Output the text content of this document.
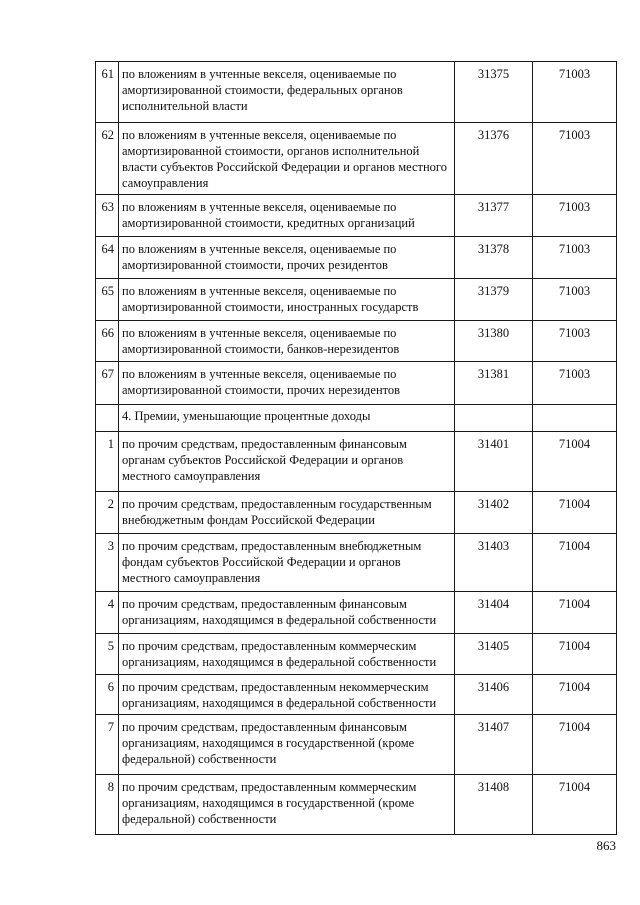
61	по вложениям в учтенные векселя, оцениваемые по амортизированной стоимости, федеральных органов исполнительной власти	31375	71003
62	по вложениям в учтенные векселя, оцениваемые по амортизированной стоимости, органов исполнительной власти субъектов Российской Федерации и органов местного самоуправления	31376	71003
63	по вложениям в учтенные векселя, оцениваемые по амортизированной стоимости, кредитных организаций	31377	71003
64	по вложениям в учтенные векселя, оцениваемые по амортизированной стоимости, прочих резидентов	31378	71003
65	по вложениям в учтенные векселя, оцениваемые по амортизированной стоимости, иностранных государств	31379	71003
66	по вложениям в учтенные векселя, оцениваемые по амортизированной стоимости, банков-нерезидентов	31380	71003
67	по вложениям в учтенные векселя, оцениваемые по амортизированной стоимости, прочих нерезидентов	31381	71003
	4. Премии, уменьшающие процентные доходы		
1	по прочим средствам, предоставленным финансовым органам субъектов Российской Федерации и органов местного самоуправления	31401	71004
2	по прочим средствам, предоставленным государственным внебюджетным фондам Российской Федерации	31402	71004
3	по прочим средствам, предоставленным внебюджетным фондам субъектов Российской Федерации и органов местного самоуправления	31403	71004
4	по прочим средствам, предоставленным финансовым организациям, находящимся в федеральной собственности	31404	71004
5	по прочим средствам, предоставленным коммерческим организациям, находящимся в федеральной собственности	31405	71004
6	по прочим средствам, предоставленным некоммерческим организациям, находящимся в федеральной собственности	31406	71004
7	по прочим средствам, предоставленным финансовым организациям, находящимся в государственной (кроме федеральной) собственности	31407	71004
8	по прочим средствам, предоставленным коммерческим организациям, находящимся в государственной (кроме федеральной) собственности	31408	71004
863
